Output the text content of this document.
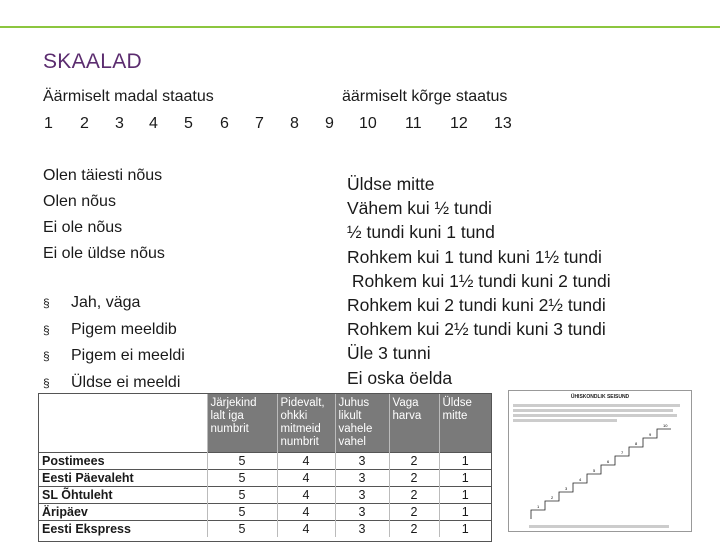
SKAALAD
Äärmiselt madal staatus	äärmiselt kõrge staatus
1 2 3 4 5 6 7 8 9 10 11 12 13
Olen täiesti nõus
Olen nõus
Ei ole nõus
Ei ole üldse nõus
§	Jah, väga
§	Pigem meeldib
§	Pigem ei meeldi
§	Üldse ei meeldi
Üldse mitte
Vähem kui ½ tundi
½ tundi kuni 1 tund
Rohkem kui 1 tund kuni 1½ tundi
Rohkem kui 1½ tundi kuni 2 tundi
Rohkem kui 2 tundi kuni 2½ tundi
Rohkem kui 2½ tundi kuni 3 tundi
Üle 3 tunni
Ei oska öelda
	Järjekind lalt iga numbrit	Pidevalt, ohkki mitmeid numbrit	Juhus likult vahele vahel	Vaga harva	Üldse mitte
Postimees	5	4	3	2	1
Eesti Päevaleht	5	4	3	2	1
SL Õhtuleht	5	4	3	2	1
Äripäev	5	4	3	2	1
Eesti Ekspress	5	4	3	2	1
ÜHISKONDLIK SEISUND
1
2
3
4
5
6
7
8
9
10
